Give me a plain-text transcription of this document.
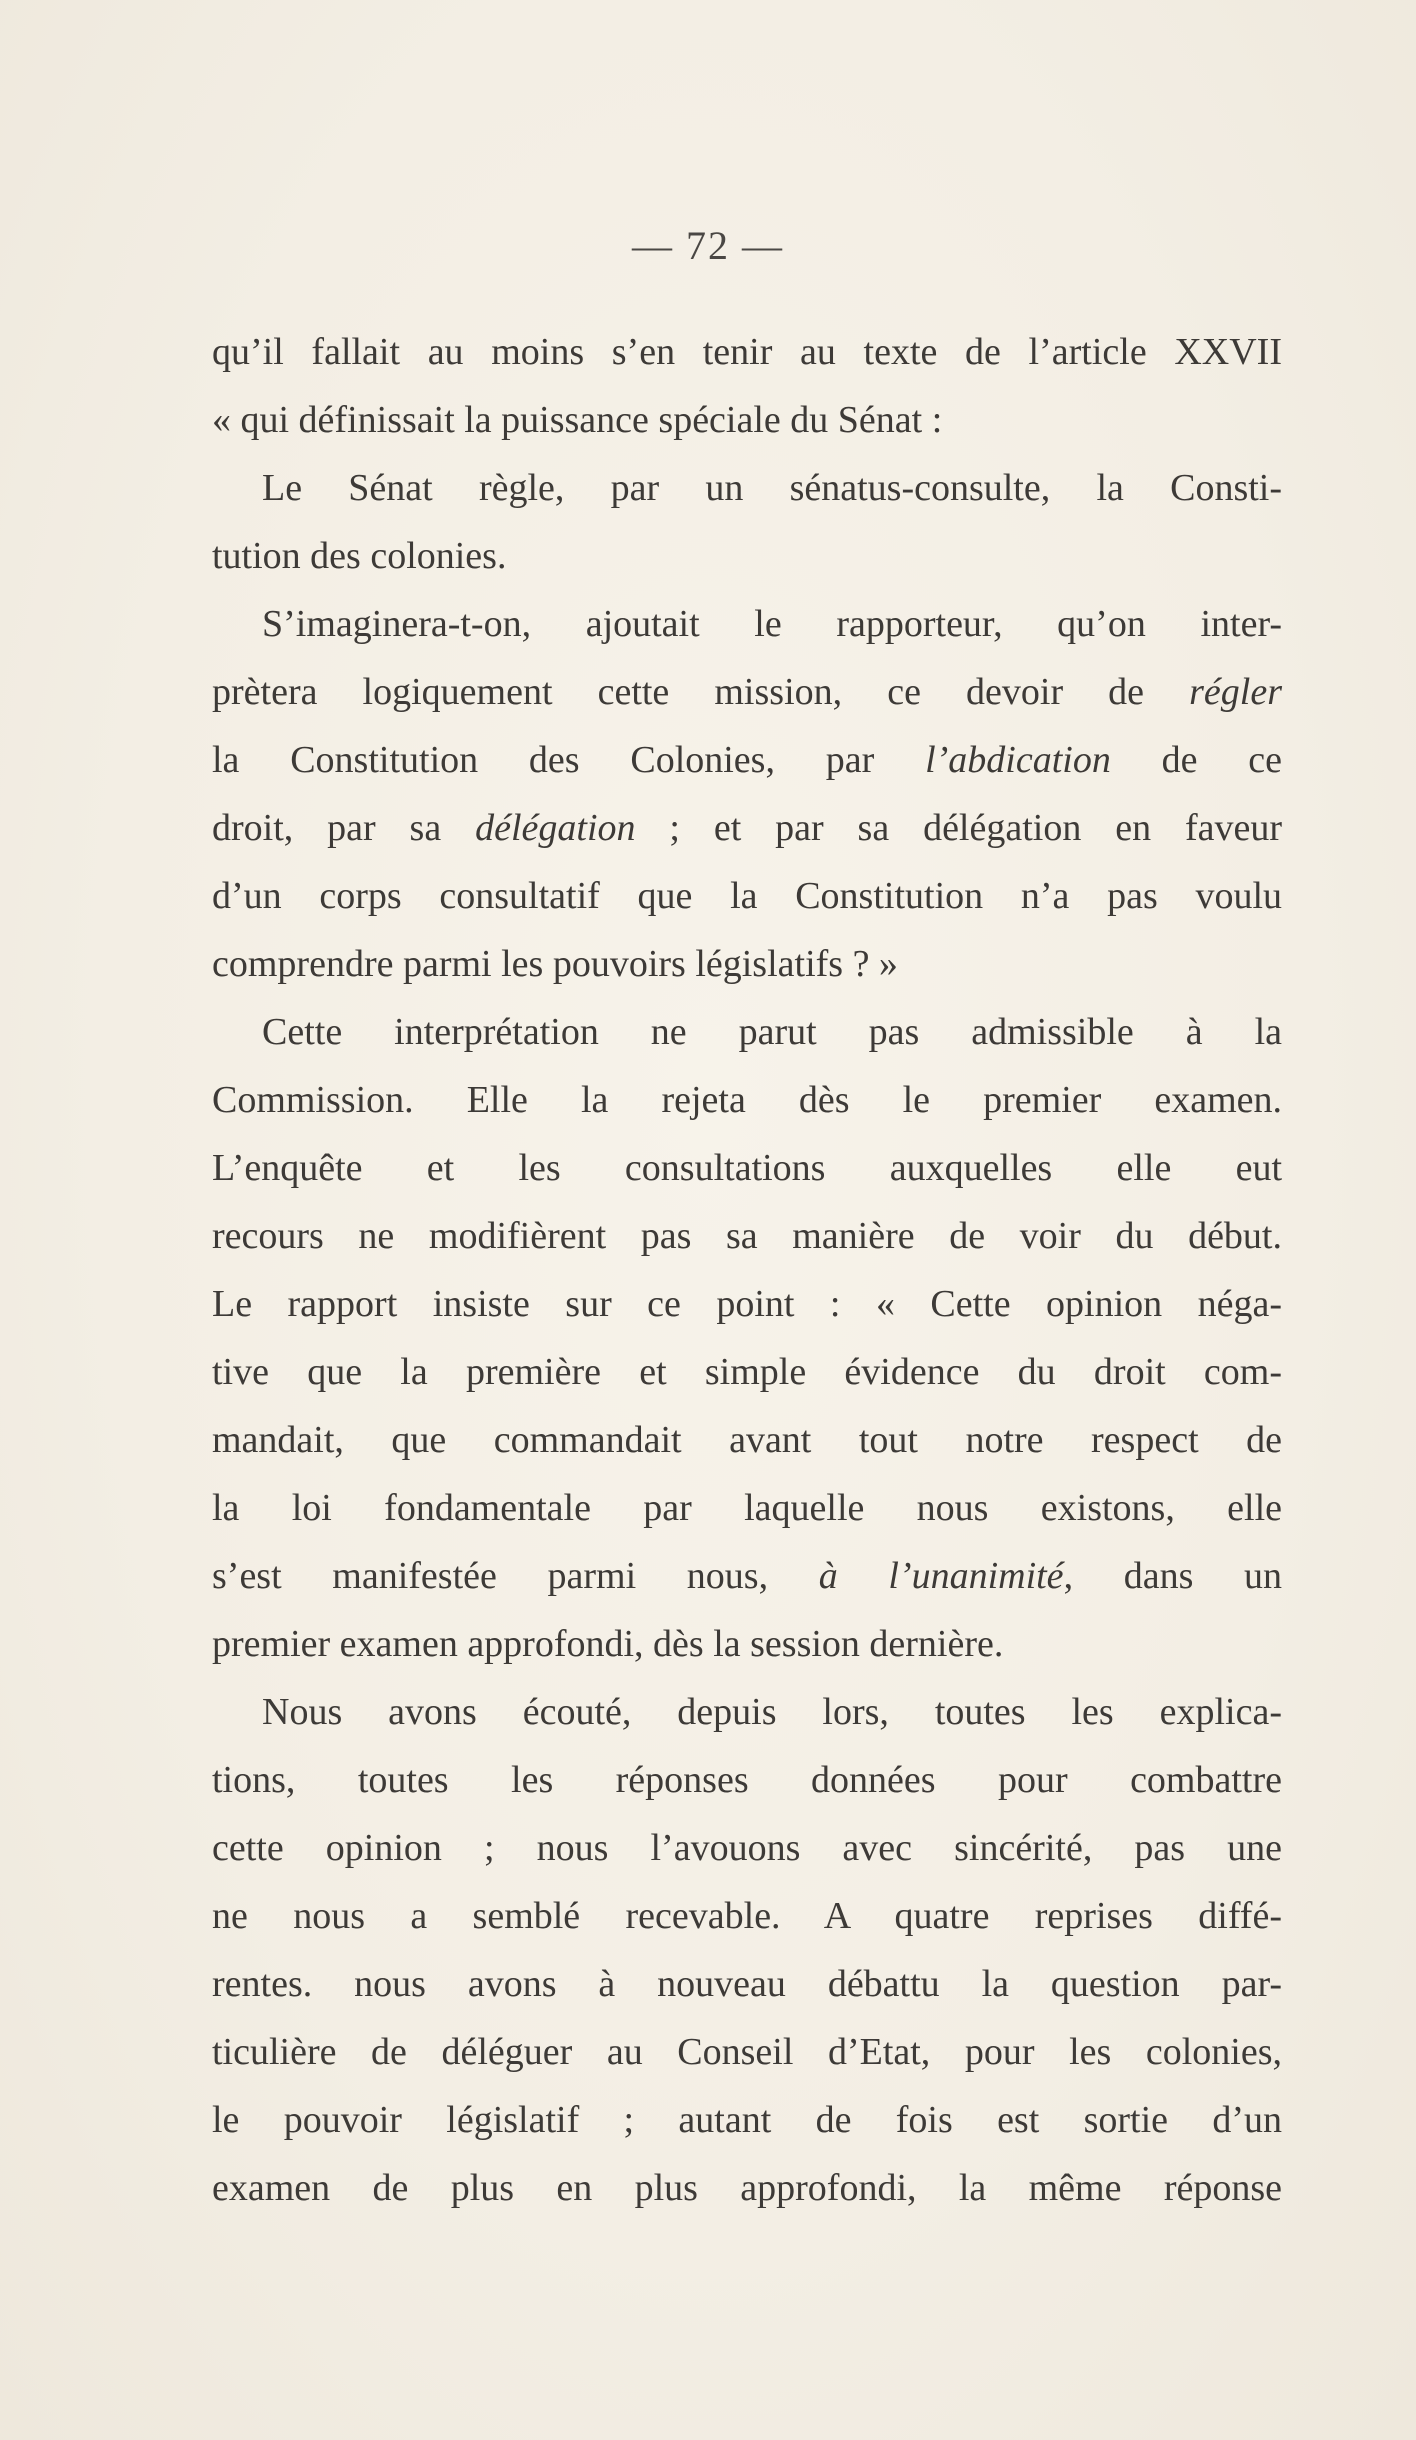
— 72 —
qu’il fallait au moins s’en tenir au texte de l’article XXVII
« qui définissait la puissance spéciale du Sénat :
Le Sénat règle, par un sénatus-consulte, la Consti-
tution des colonies.
S’imaginera-t-on, ajoutait le rapporteur, qu’on inter-
prètera logiquement cette mission, ce devoir de régler
la Constitution des Colonies, par l’abdication de ce
droit, par sa délégation ; et par sa délégation en faveur
d’un corps consultatif que la Constitution n’a pas voulu
comprendre parmi les pouvoirs législatifs ? »
Cette interprétation ne parut pas admissible à la
Commission. Elle la rejeta dès le premier examen.
L’enquête et les consultations auxquelles elle eut
recours ne modifièrent pas sa manière de voir du début.
Le rapport insiste sur ce point : « Cette opinion néga-
tive que la première et simple évidence du droit com-
mandait, que commandait avant tout notre respect de
la loi fondamentale par laquelle nous existons, elle
s’est manifestée parmi nous, à l’unanimité, dans un
premier examen approfondi, dès la session dernière.
Nous avons écouté, depuis lors, toutes les explica-
tions, toutes les réponses données pour combattre
cette opinion ; nous l’avouons avec sincérité, pas une
ne nous a semblé recevable. A quatre reprises diffé-
rentes. nous avons à nouveau débattu la question par-
ticulière de déléguer au Conseil d’Etat, pour les colonies,
le pouvoir législatif ; autant de fois est sortie d’un
examen de plus en plus approfondi, la même réponse
